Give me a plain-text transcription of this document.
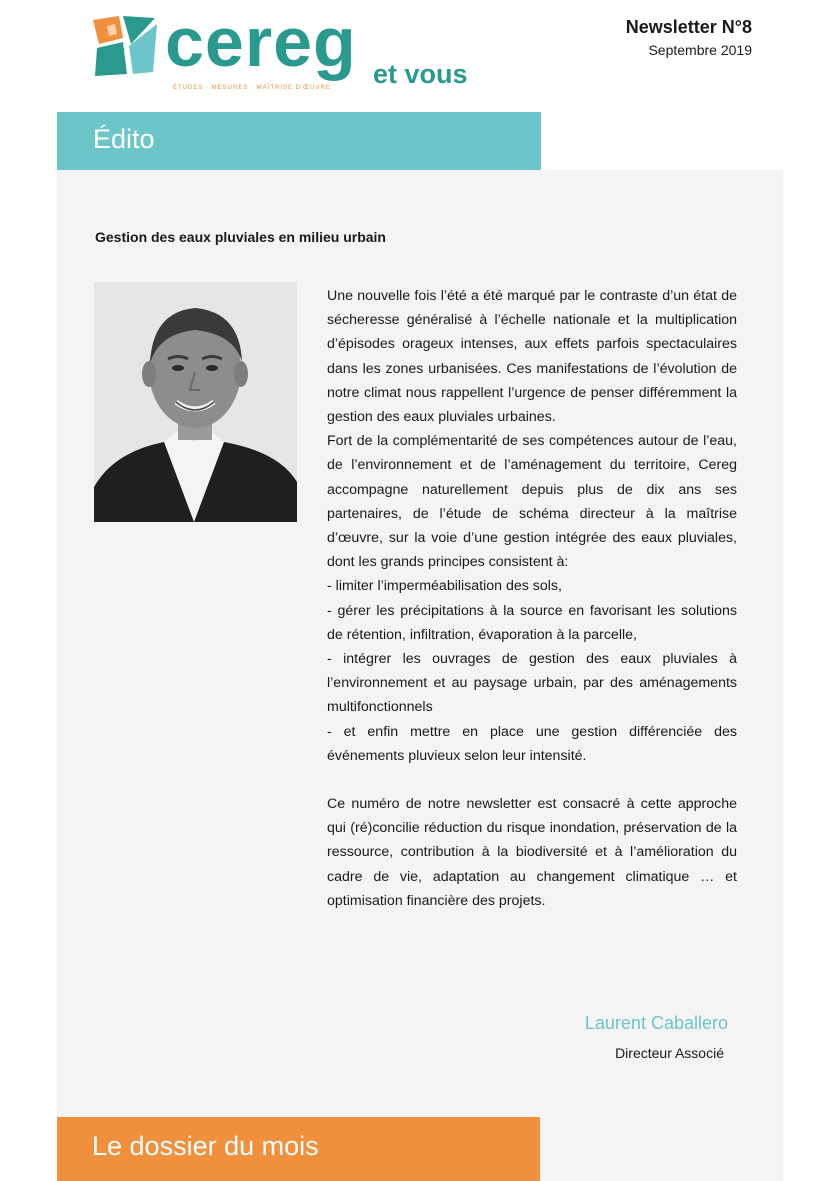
cereg
ÉTUDES · MESURES · MAÎTRISE D'ŒUVRE et vous
Newsletter N°8
Septembre 2019
Édito
Gestion des eaux pluviales en milieu urbain

Une nouvelle fois l’été a été marqué par le contraste d’un état de sécheresse généralisé à l’échelle nationale et la multiplication d’épisodes orageux intenses, aux effets parfois spectaculaires dans les zones urbanisées. Ces manifestations de l’évolution de notre climat nous rappellent l’urgence de penser différemment la gestion des eaux pluviales urbaines.

Fort de la complémentarité de ses compétences autour de l’eau, de l’environnement et de l’aménagement du territoire, Cereg accompagne naturellement depuis plus de dix ans ses partenaires, de l’étude de schéma directeur à la maîtrise d’œuvre, sur la voie d’une gestion intégrée des eaux pluviales, dont les grands principes consistent à:

- limiter l’imperméabilisation des sols,

- gérer les précipitations à la source en favorisant les solutions de rétention, infiltration, évaporation à la parcelle,

- intégrer les ouvrages de gestion des eaux pluviales à l’environnement et au paysage urbain, par des aménagements multifonctionnels

- et enfin mettre en place une gestion différenciée des événements pluvieux selon leur intensité.

Ce numéro de notre newsletter est consacré à cette approche qui (ré)concilie réduction du risque inondation, préservation de la ressource, contribution à la biodiversité et à l’amélioration du cadre de vie, adaptation au changement climatique … et optimisation financière des projets.

Laurent Caballero
Directeur Associé
Le dossier du mois
